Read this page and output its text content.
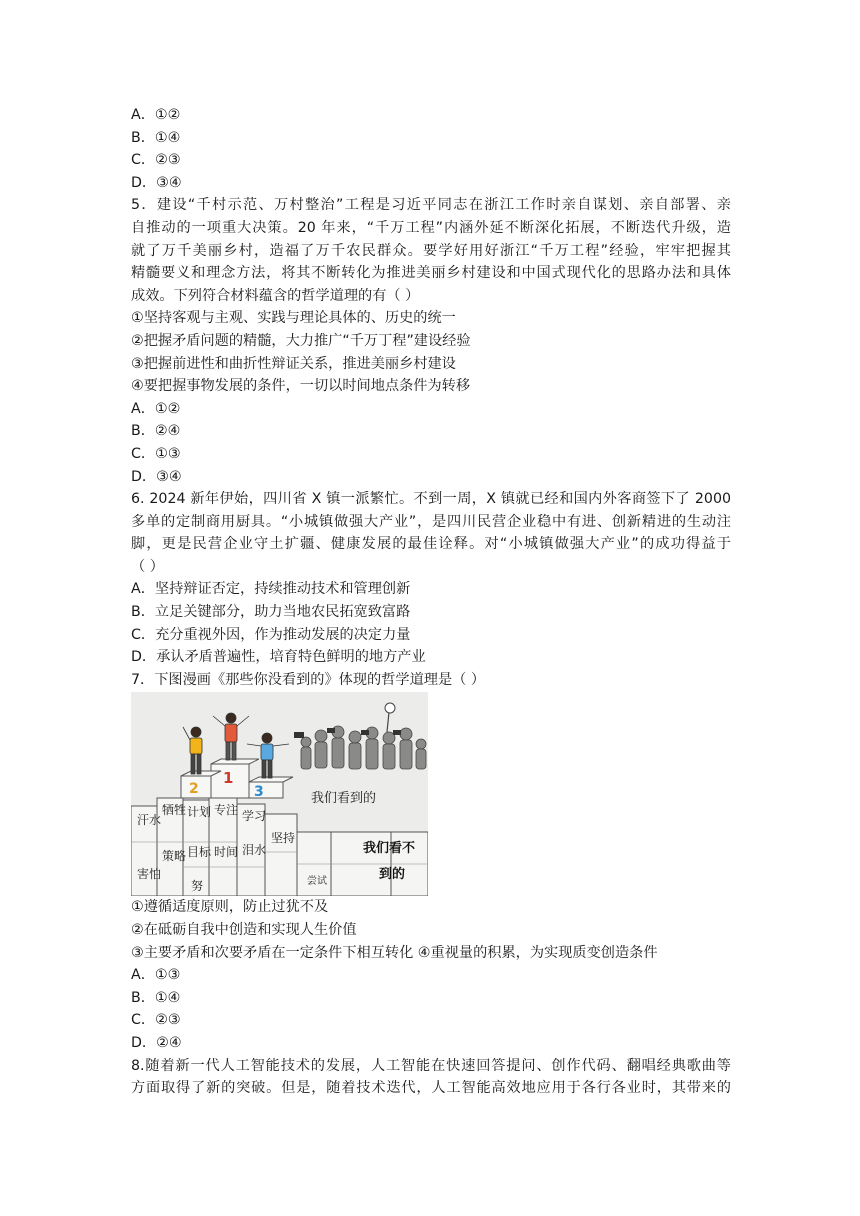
A．①②
B．①④
C．②③
D．③④
5．建设“千村示范、万村整治”工程是习近平同志在浙江工作时亲自谋划、亲自部署、亲
自推动的一项重大决策。20 年来，“千万工程”内涵外延不断深化拓展，不断迭代升级，造
就了万千美丽乡村，造福了万千农民群众。要学好用好浙江“千万工程”经验，牢牢把握其
精髓要义和理念方法，将其不断转化为推进美丽乡村建设和中国式现代化的思路办法和具体
成效。下列符合材料蕴含的哲学道理的有（ ）
①坚持客观与主观、实践与理论具体的、历史的统一
②把握矛盾问题的精髓，大力推广“千万丁程”建设经验
③把握前进性和曲折性辩证关系，推进美丽乡村建设
④要把握事物发展的条件，一切以时间地点条件为转移
A．①②
B．②④
C．①③
D．③④
6. 2024 新年伊始，四川省 X 镇一派繁忙。不到一周，X 镇就已经和国内外客商签下了 2000
多单的定制商用厨具。“小城镇做强大产业”，是四川民营企业稳中有进、创新精进的生动注
脚，更是民营企业守土扩疆、健康发展的最佳诠释。对“小城镇做强大产业”的成功得益于
（ ）
A．坚持辩证否定，持续推动技术和管理创新
B．立足关键部分，助力当地农民拓宽致富路
C．充分重视外因，作为推动发展的决定力量
D．承认矛盾普遍性，培育特色鲜明的地方产业
7．下图漫画《那些你没看到的》体现的哲学道理是（ ）
2
1
3	我们看到的
汗水
牺牲 计划 专注 学习
策略 目标 时间 泪水
坚持
害怕
努	尝试
我们看不
到的
①遵循适度原则，防止过犹不及
②在砥砺自我中创造和实现人生价值
③主要矛盾和次要矛盾在一定条件下相互转化 ④重视量的积累，为实现质变创造条件
A．①③
B．①④
C．②③
D．②④
8.随着新一代人工智能技术的发展，人工智能在快速回答提问、创作代码、翻唱经典歌曲等
方面取得了新的突破。但是，随着技术迭代，人工智能高效地应用于各行各业时，其带来的
